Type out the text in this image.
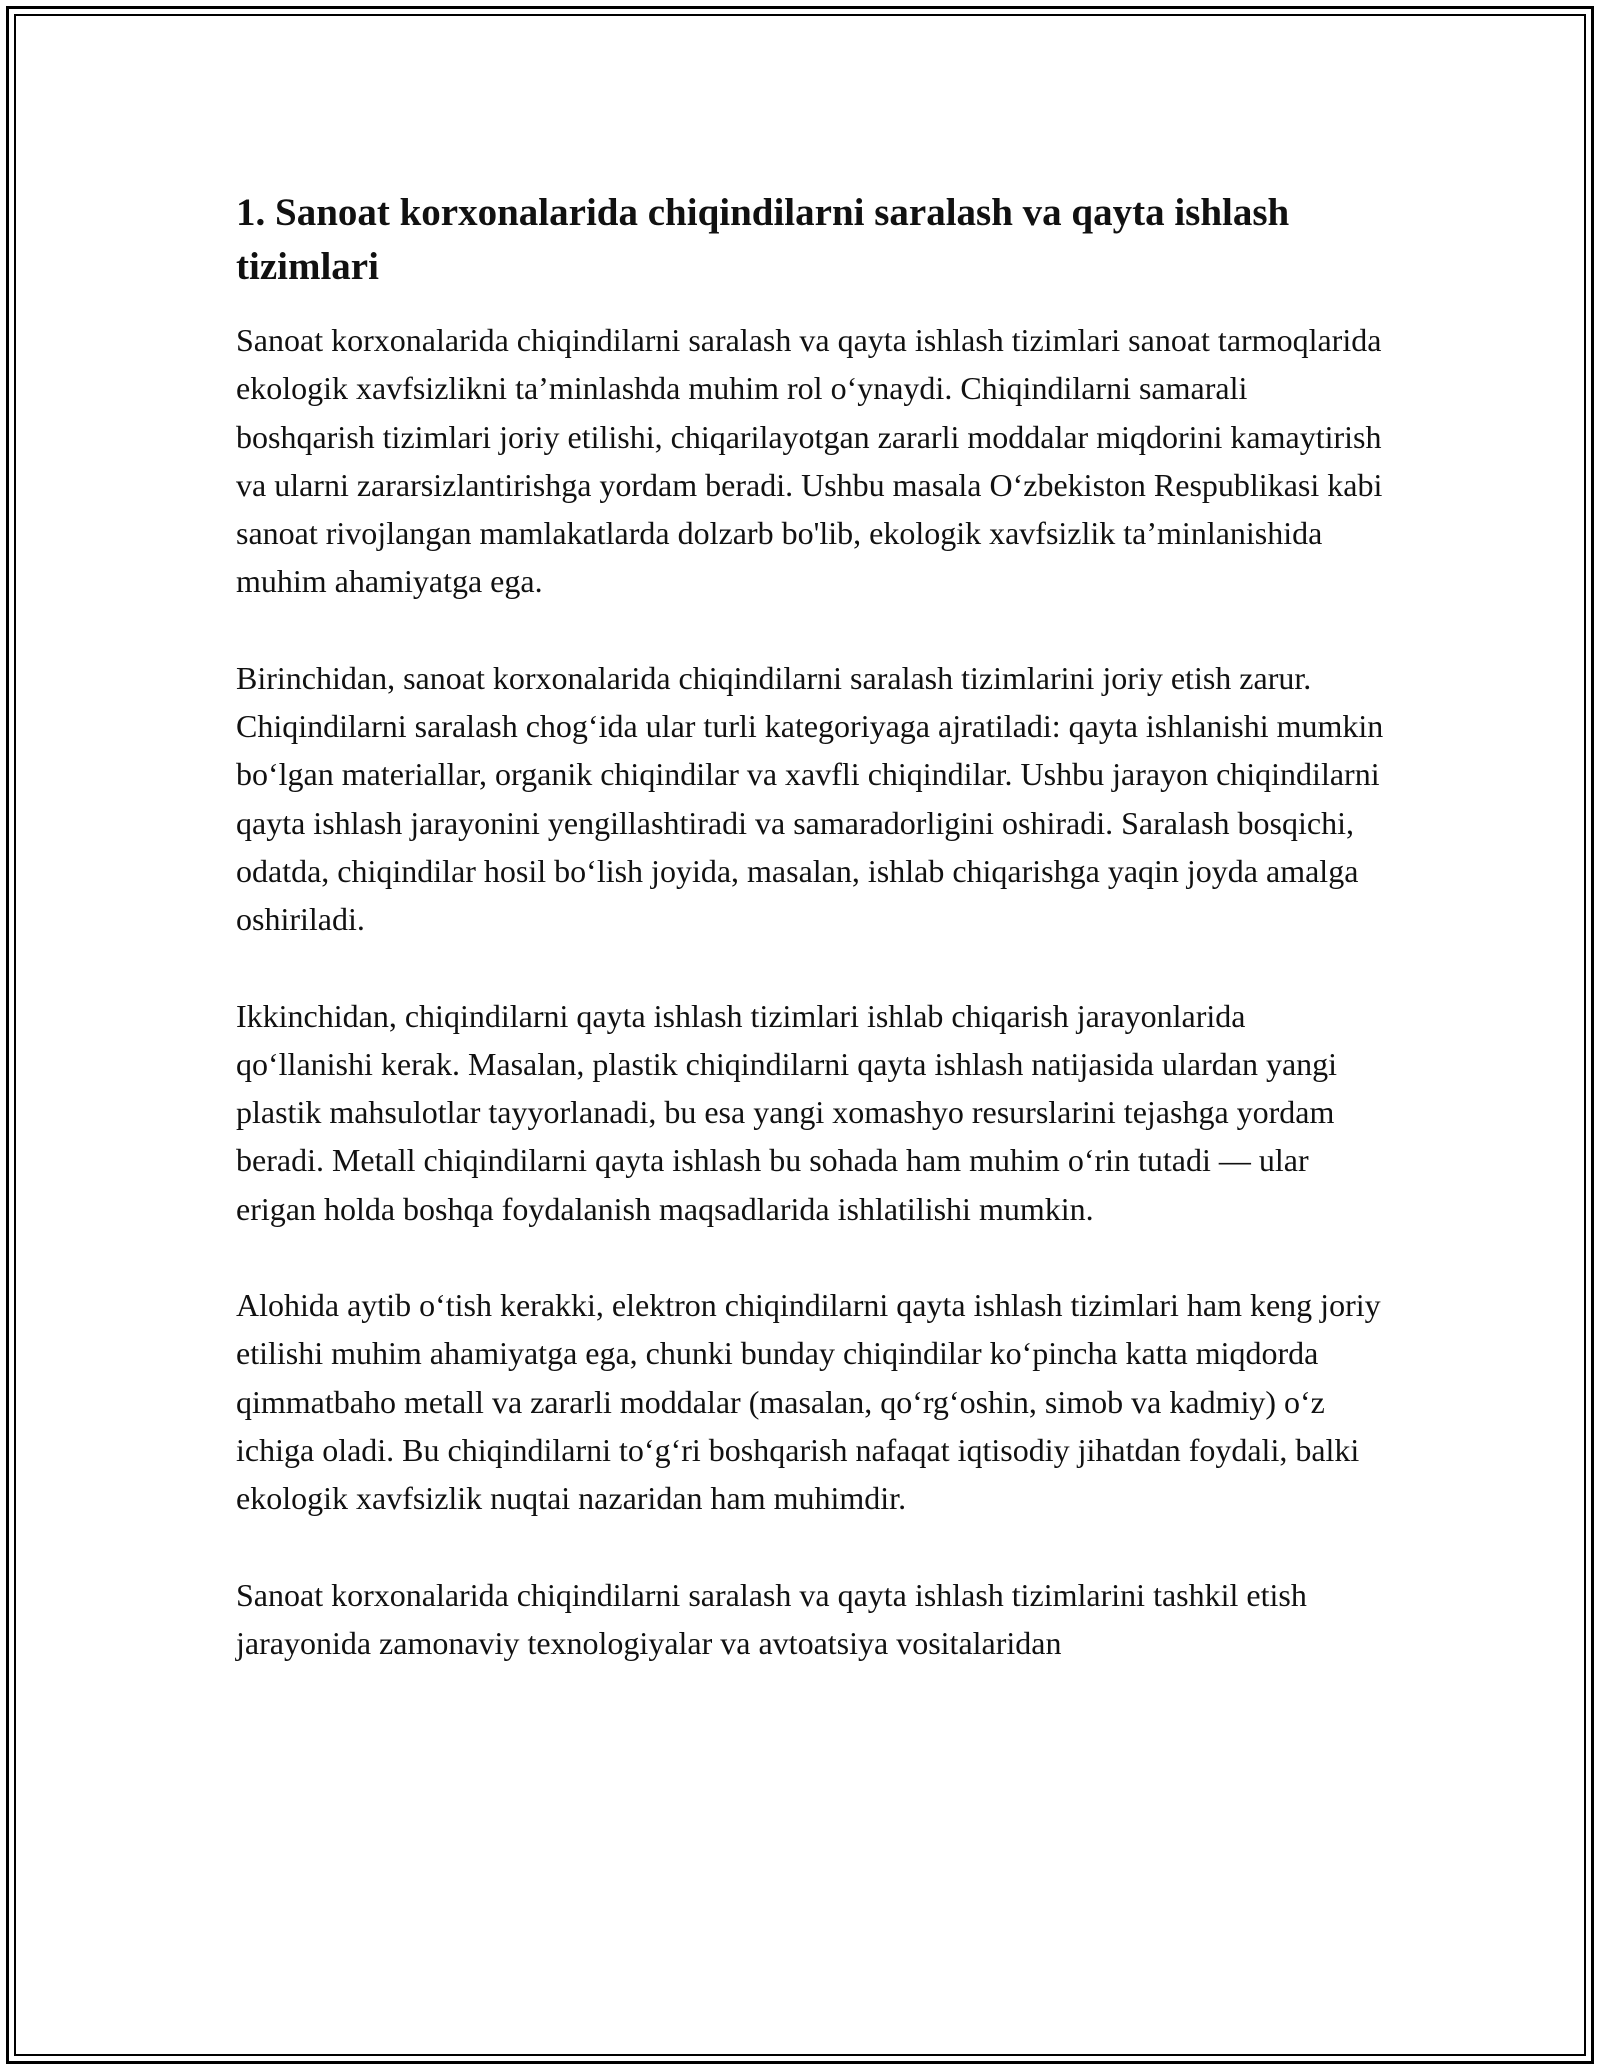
1. Sanoat korxonalarida chiqindilarni saralash va qayta ishlash tizimlari

Sanoat korxonalarida chiqindilarni saralash va qayta ishlash tizimlari sanoat tarmoqlarida ekologik xavfsizlikni ta’minlashda muhim rol o‘ynaydi. Chiqindilarni samarali boshqarish tizimlari joriy etilishi, chiqarilayotgan zararli moddalar miqdorini kamaytirish va ularni zararsizlantirishga yordam beradi. Ushbu masala O‘zbekiston Respublikasi kabi sanoat rivojlangan mamlakatlarda dolzarb bo'lib, ekologik xavfsizlik ta’minlanishida muhim ahamiyatga ega.

Birinchidan, sanoat korxonalarida chiqindilarni saralash tizimlarini joriy etish zarur. Chiqindilarni saralash chog‘ida ular turli kategoriyaga ajratiladi: qayta ishlanishi mumkin bo‘lgan materiallar, organik chiqindilar va xavfli chiqindilar. Ushbu jarayon chiqindilarni qayta ishlash jarayonini yengillashtiradi va samaradorligini oshiradi. Saralash bosqichi, odatda, chiqindilar hosil bo‘lish joyida, masalan, ishlab chiqarishga yaqin joyda amalga oshiriladi.

Ikkinchidan, chiqindilarni qayta ishlash tizimlari ishlab chiqarish jarayonlarida qo‘llanishi kerak. Masalan, plastik chiqindilarni qayta ishlash natijasida ulardan yangi plastik mahsulotlar tayyorlanadi, bu esa yangi xomashyo resurslarini tejashga yordam beradi. Metall chiqindilarni qayta ishlash bu sohada ham muhim o‘rin tutadi — ular erigan holda boshqa foydalanish maqsadlarida ishlatilishi mumkin.

Alohida aytib o‘tish kerakki, elektron chiqindilarni qayta ishlash tizimlari ham keng joriy etilishi muhim ahamiyatga ega, chunki bunday chiqindilar ko‘pincha katta miqdorda qimmatbaho metall va zararli moddalar (masalan, qo‘rg‘oshin, simob va kadmiy) o‘z ichiga oladi. Bu chiqindilarni to‘g‘ri boshqarish nafaqat iqtisodiy jihatdan foydali, balki ekologik xavfsizlik nuqtai nazaridan ham muhimdir.

Sanoat korxonalarida chiqindilarni saralash va qayta ishlash tizimlarini tashkil etish jarayonida zamonaviy texnologiyalar va avtoatsiya vositalaridan
